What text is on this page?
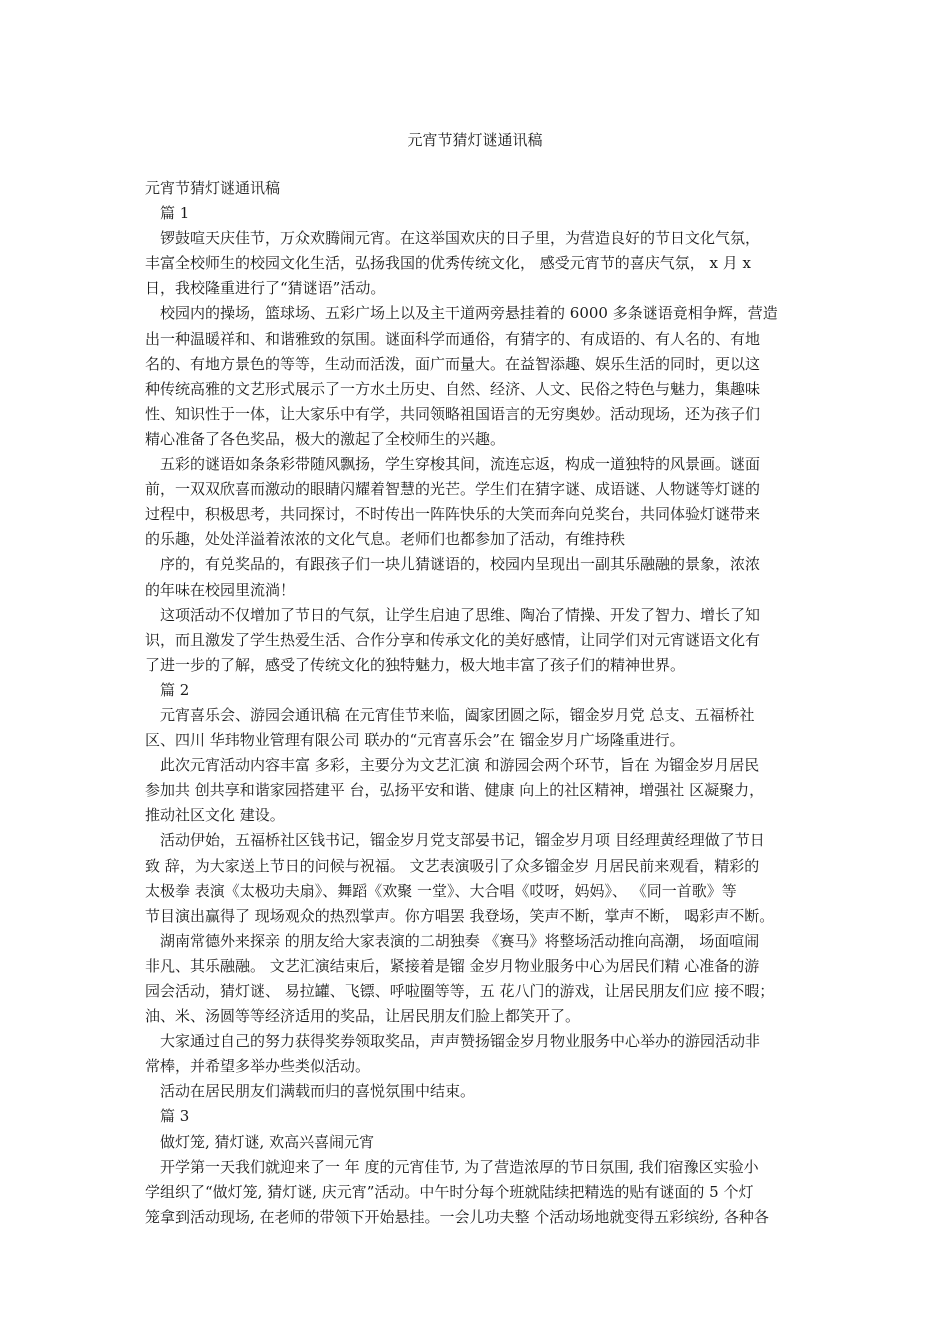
元宵节猜灯谜通讯稿
元宵节猜灯谜通讯稿
篇 1
锣鼓喧天庆佳节，万众欢腾闹元宵。在这举国欢庆的日子里，为营造良好的节日文化气氛，
丰富全校师生的校园文化生活，弘扬我国的优秀传统文化， 感受元宵节的喜庆气氛， x 月 x
日，我校隆重进行了“猜谜语”活动。
校园内的操场，篮球场、五彩广场上以及主干道两旁悬挂着的 6000 多条谜语竟相争辉，营造
出一种温暖祥和、和谐雅致的氛围。谜面科学而通俗，有猜字的、有成语的、有人名的、有地
名的、有地方景色的等等，生动而活泼，面广而量大。在益智添趣、娱乐生活的同时，更以这
种传统高雅的文艺形式展示了一方水土历史、自然、经济、人文、民俗之特色与魅力，集趣味
性、知识性于一体，让大家乐中有学，共同领略祖国语言的无穷奥妙。活动现场，还为孩子们
精心准备了各色奖品，极大的激起了全校师生的兴趣。
五彩的谜语如条条彩带随风飘扬，学生穿梭其间，流连忘返，构成一道独特的风景画。谜面
前，一双双欣喜而激动的眼睛闪耀着智慧的光芒。学生们在猜字谜、成语谜、人物谜等灯谜的
过程中，积极思考，共同探讨，不时传出一阵阵快乐的大笑而奔向兑奖台，共同体验灯谜带来
的乐趣，处处洋溢着浓浓的文化气息。老师们也都参加了活动，有维持秩
序的，有兑奖品的，有跟孩子们一块儿猜谜语的，校园内呈现出一副其乐融融的景象，浓浓
的年味在校园里流淌！
这项活动不仅增加了节日的气氛，让学生启迪了思维、陶冶了情操、开发了智力、增长了知
识，而且激发了学生热爱生活、合作分享和传承文化的美好感情，让同学们对元宵谜语文化有
了进一步的了解，感受了传统文化的独特魅力，极大地丰富了孩子们的精神世界。
篇 2
元宵喜乐会、游园会通讯稿 在元宵佳节来临，阖家团圆之际，镏金岁月党 总支、五福桥社
区、四川 华玮物业管理有限公司 联办的“元宵喜乐会”在 镏金岁月广场隆重进行。
此次元宵活动内容丰富 多彩，主要分为文艺汇演 和游园会两个环节，旨在 为镏金岁月居民
参加共 创共享和谐家园搭建平 台，弘扬平安和谐、健康 向上的社区精神，增强社 区凝聚力，
推动社区文化 建设。
活动伊始，五福桥社区钱书记，镏金岁月党支部晏书记，镏金岁月项 目经理黄经理做了节日
致 辞，为大家送上节日的问候与祝福。 文艺表演吸引了众多镏金岁 月居民前来观看，精彩的
太极拳 表演《太极功夫扇》、舞蹈《欢聚 一堂》、大合唱《哎呀，妈妈》、 《同一首歌》等
节目演出赢得了 现场观众的热烈掌声。你方唱罢 我登场，笑声不断，掌声不断， 喝彩声不断。
湖南常德外来探亲 的朋友给大家表演的二胡独奏 《赛马》将整场活动推向高潮， 场面喧闹
非凡、其乐融融。 文艺汇演结束后，紧接着是镏 金岁月物业服务中心为居民们精 心准备的游
园会活动，猜灯谜、 易拉罐、飞镖、呼啦圈等等，五 花八门的游戏，让居民朋友们应 接不暇；
油、米、汤圆等等经济适用的奖品，让居民朋友们脸上都笑开了。
大家通过自己的努力获得奖券领取奖品，声声赞扬镏金岁月物业服务中心举办的游园活动非
常棒，并希望多举办些类似活动。
活动在居民朋友们满载而归的喜悦氛围中结束。
篇 3
做灯笼, 猜灯谜, 欢高兴喜闹元宵
开学第一天我们就迎来了一 年 度的元宵佳节, 为了营造浓厚的节日氛围, 我们宿豫区实验小
学组织了“做灯笼, 猜灯谜, 庆元宵”活动。中午时分每个班就陆续把精选的贴有谜面的 5 个灯
笼拿到活动现场, 在老师的带领下开始悬挂。一会儿功夫整 个活动场地就变得五彩缤纷, 各种各
